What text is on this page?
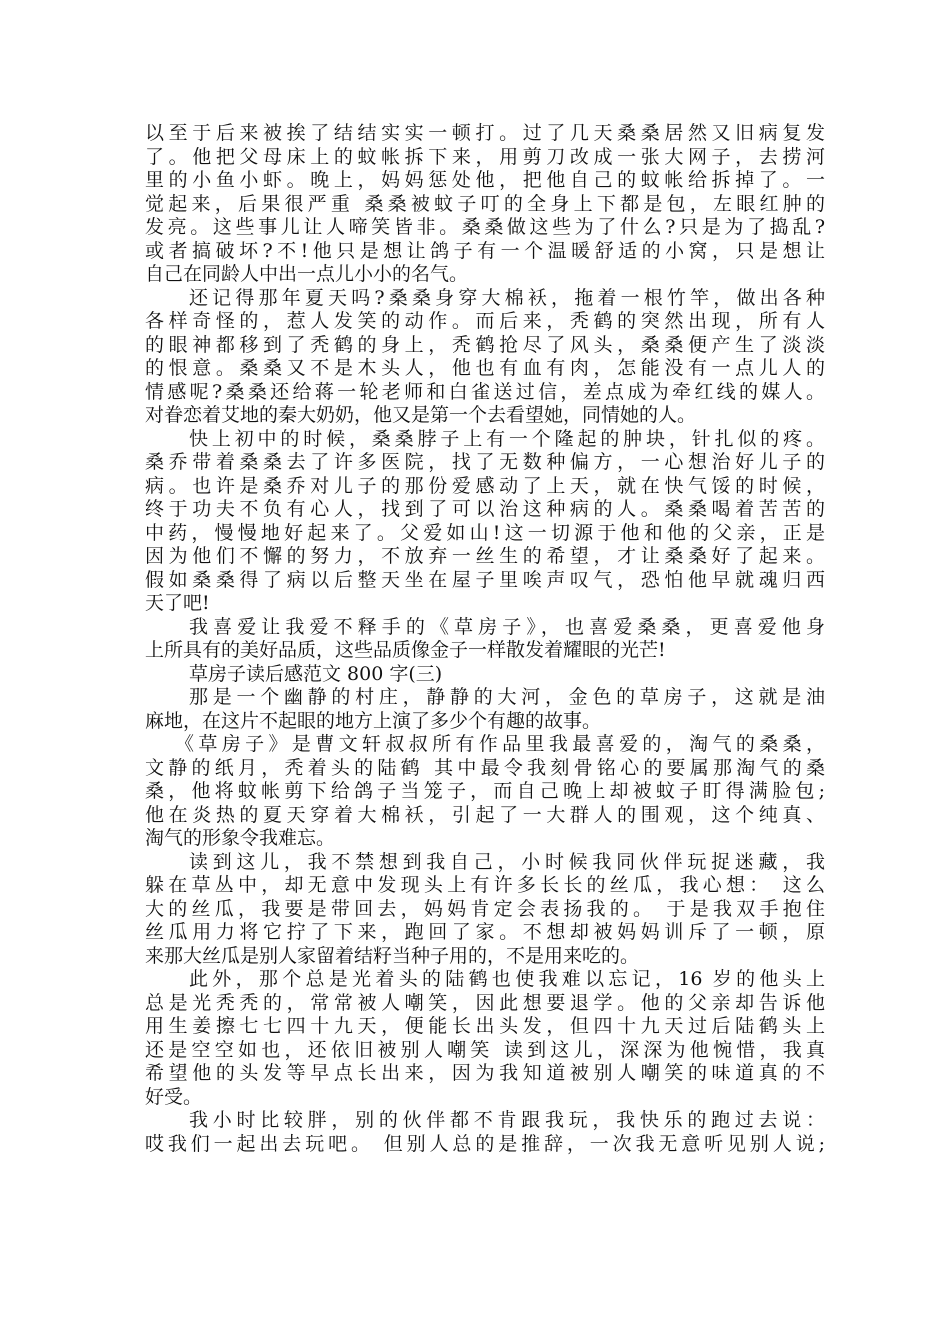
以至于后来被挨了结结实实一顿打。过了几天桑桑居然又旧病复发
了。他把父母床上的蚊帐拆下来，用剪刀改成一张大网子，去捞河
里的小鱼小虾。晚上，妈妈惩处他，把他自己的蚊帐给拆掉了。一
觉起来，后果很严重 桑桑被蚊子叮的全身上下都是包，左眼红肿的
发亮。这些事儿让人啼笑皆非。桑桑做这些为了什么?只是为了捣乱?
或者搞破坏?不!他只是想让鸽子有一个温暖舒适的小窝，只是想让
自己在同龄人中出一点儿小小的名气。
还记得那年夏天吗?桑桑身穿大棉袄，拖着一根竹竿，做出各种
各样奇怪的，惹人发笑的动作。而后来，秃鹤的突然出现，所有人
的眼神都移到了秃鹤的身上，秃鹤抢尽了风头，桑桑便产生了淡淡
的恨意。桑桑又不是木头人，他也有血有肉，怎能没有一点儿人的
情感呢?桑桑还给蒋一轮老师和白雀送过信，差点成为牵红线的媒人。
对眷恋着艾地的秦大奶奶，他又是第一个去看望她，同情她的人。
快上初中的时候，桑桑脖子上有一个隆起的肿块，针扎似的疼。
桑乔带着桑桑去了许多医院，找了无数种偏方，一心想治好儿子的
病。也许是桑乔对儿子的那份爱感动了上天，就在快气馁的时候，
终于功夫不负有心人，找到了可以治这种病的人。桑桑喝着苦苦的
中药，慢慢地好起来了。父爱如山!这一切源于他和他的父亲，正是
因为他们不懈的努力，不放弃一丝生的希望，才让桑桑好了起来。
假如桑桑得了病以后整天坐在屋子里唉声叹气，恐怕他早就魂归西
天了吧!
我喜爱让我爱不释手的《草房子》，也喜爱桑桑，更喜爱他身
上所具有的美好品质，这些品质像金子一样散发着耀眼的光芒!
草房子读后感范文 800 字(三)
那是一个幽静的村庄，静静的大河，金色的草房子，这就是油
麻地，在这片不起眼的地方上演了多少个有趣的故事。
《草房子》是曹文轩叔叔所有作品里我最喜爱的，淘气的桑桑，
文静的纸月，秃着头的陆鹤 其中最令我刻骨铭心的要属那淘气的桑
桑，他将蚊帐剪下给鸽子当笼子，而自己晚上却被蚊子盯得满脸包;
他在炎热的夏天穿着大棉袄，引起了一大群人的围观，这个纯真、
淘气的形象令我难忘。
读到这儿，我不禁想到我自己，小时候我同伙伴玩捉迷藏，我
躲在草丛中，却无意中发现头上有许多长长的丝瓜，我心想： 这么
大的丝瓜，我要是带回去，妈妈肯定会表扬我的。 于是我双手抱住
丝瓜用力将它拧了下来，跑回了家。不想却被妈妈训斥了一顿，原
来那大丝瓜是别人家留着结籽当种子用的，不是用来吃的。
此外，那个总是光着头的陆鹤也使我难以忘记，16 岁的他头上
总是光秃秃的，常常被人嘲笑，因此想要退学。他的父亲却告诉他
用生姜擦七七四十九天，便能长出头发，但四十九天过后陆鹤头上
还是空空如也，还依旧被别人嘲笑 读到这儿，深深为他惋惜，我真
希望他的头发等早点长出来，因为我知道被别人嘲笑的味道真的不
好受。
我小时比较胖，别的伙伴都不肯跟我玩，我快乐的跑过去说：
哎我们一起出去玩吧。 但别人总的是推辞，一次我无意听见别人说;
